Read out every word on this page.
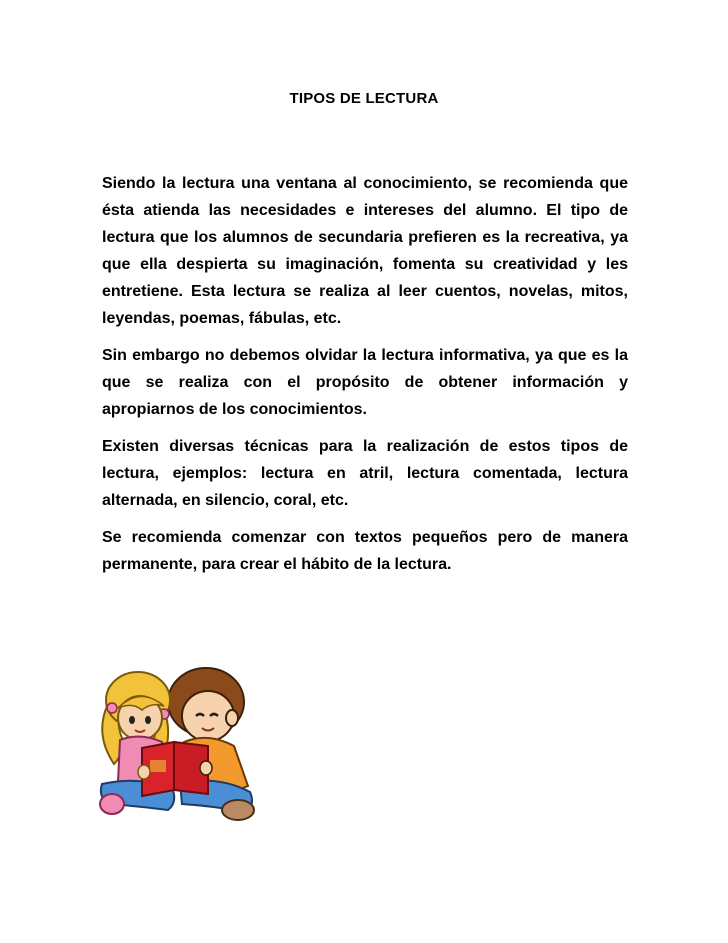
TIPOS DE LECTURA

Siendo la lectura una ventana al conocimiento, se recomienda que ésta atienda las necesidades e intereses del alumno. El tipo de lectura que los alumnos de secundaria prefieren es la recreativa, ya que ella despierta su imaginación, fomenta su creatividad y les entretiene. Esta lectura se realiza al leer cuentos, novelas, mitos, leyendas, poemas, fábulas, etc.

Sin embargo no debemos olvidar la lectura informativa, ya que es la que se realiza con el propósito de obtener información y apropiarnos de los conocimientos.

Existen diversas técnicas para la realización de estos tipos de lectura, ejemplos: lectura en atril, lectura comentada, lectura alternada, en silencio, coral, etc.

Se recomienda comenzar con textos pequeños pero de manera permanente, para crear el hábito de la lectura.
